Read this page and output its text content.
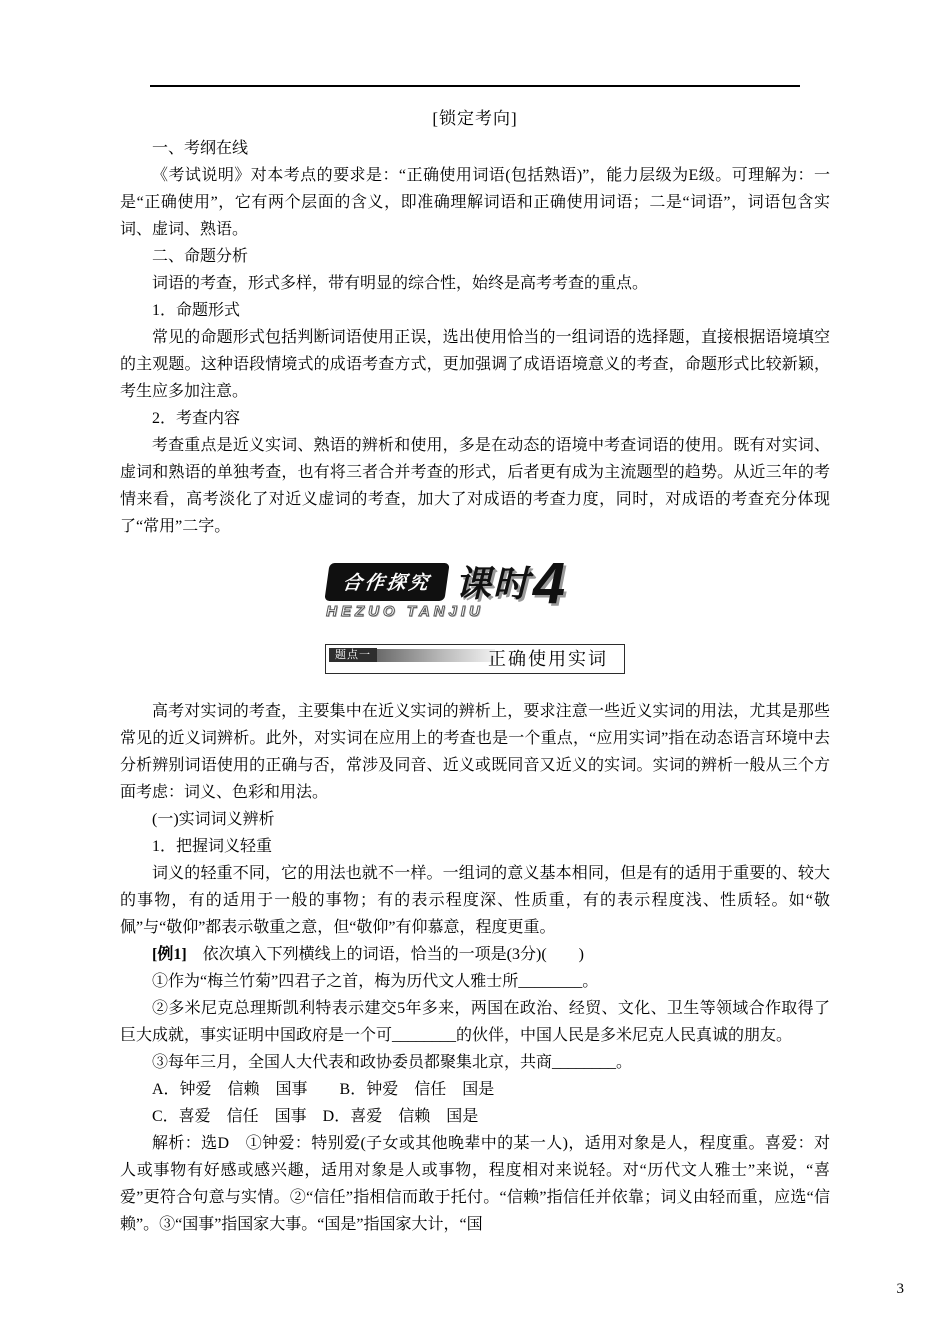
[锁定考向]

一、考纲在线

《考试说明》对本考点的要求是：“正确使用词语(包括熟语)”，能力层级为E级。可理解为：一是“正确使用”，它有两个层面的含义，即准确理解词语和正确使用词语；二是“词语”，词语包含实词、虚词、熟语。

二、命题分析

词语的考查，形式多样，带有明显的综合性，始终是高考考查的重点。

1．命题形式

常见的命题形式包括判断词语使用正误，选出使用恰当的一组词语的选择题，直接根据语境填空的主观题。这种语段情境式的成语考查方式，更加强调了成语语境意义的考查，命题形式比较新颖，考生应多加注意。

2．考查内容

考查重点是近义实词、熟语的辨析和使用，多是在动态的语境中考查词语的使用。既有对实词、虚词和熟语的单独考查，也有将三者合并考查的形式，后者更有成为主流题型的趋势。从近三年的考情来看，高考淡化了对近义虚词的考查，加大了对成语的考查力度，同时，对成语的考查充分体现了“常用”二字。

合作探究 课时 4
HEZUO TANJIU
题点一	正确使用实词

高考对实词的考查，主要集中在近义实词的辨析上，要求注意一些近义实词的用法，尤其是那些常见的近义词辨析。此外，对实词在应用上的考查也是一个重点，“应用实词”指在动态语言环境中去分析辨别词语使用的正确与否，常涉及同音、近义或既同音又近义的实词。实词的辨析一般从三个方面考虑：词义、色彩和用法。

(一)实词词义辨析

1．把握词义轻重

词义的轻重不同，它的用法也就不一样。一组词的意义基本相同，但是有的适用于重要的、较大的事物，有的适用于一般的事物；有的表示程度深、性质重，有的表示程度浅、性质轻。如“敬佩”与“敬仰”都表示敬重之意，但“敬仰”有仰慕意，程度更重。

[例1]　依次填入下列横线上的词语，恰当的一项是(3分)(　　)

①作为“梅兰竹菊”四君子之首，梅为历代文人雅士所________。

②多米尼克总理斯凯利特表示建交5年多来，两国在政治、经贸、文化、卫生等领域合作取得了巨大成就，事实证明中国政府是一个可________的伙伴，中国人民是多米尼克人民真诚的朋友。

③每年三月，全国人大代表和政协委员都聚集北京，共商________。

A．钟爱　信赖　国事　　B．钟爱　信任　国是

C．喜爱　信任　国事　D．喜爱　信赖　国是

解析：选D　①钟爱：特别爱(子女或其他晚辈中的某一人)，适用对象是人，程度重。喜爱：对人或事物有好感或感兴趣，适用对象是人或事物，程度相对来说轻。对“历代文人雅士”来说，“喜爱”更符合句意与实情。②“信任”指相信而敢于托付。“信赖”指信任并依靠；词义由轻而重，应选“信赖”。③“国事”指国家大事。“国是”指国家大计，“国

3
